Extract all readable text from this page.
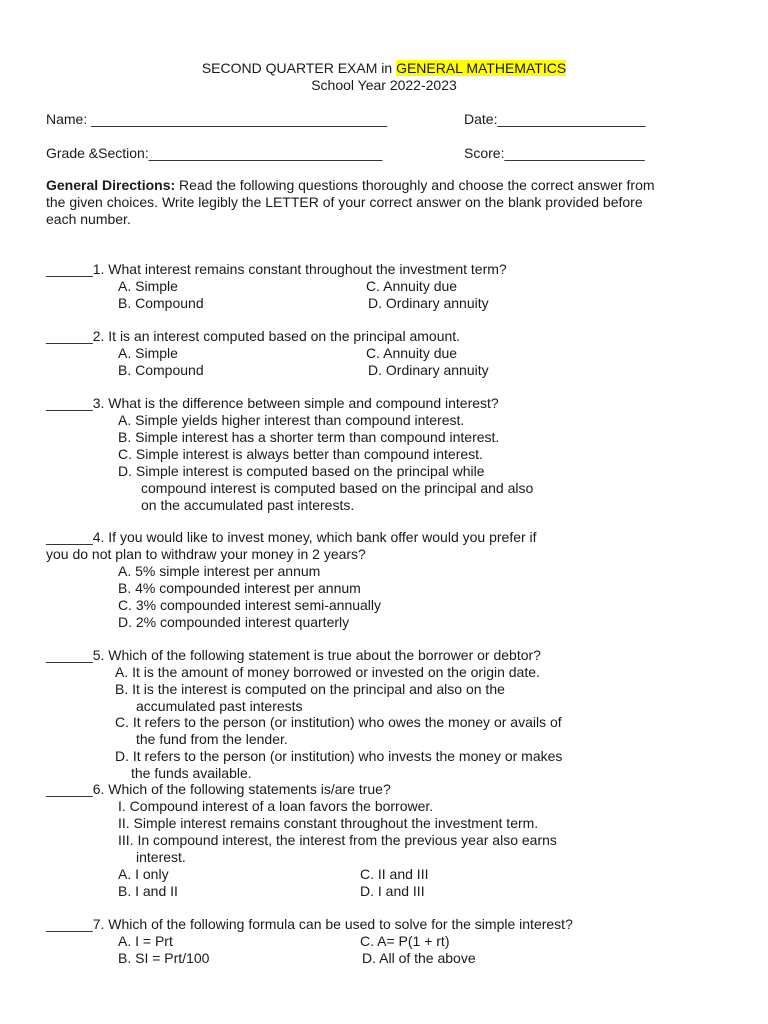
SECOND QUARTER EXAM in GENERAL MATHEMATICS
School Year 2022-2023
Name: ______________________________________	Date:___________________
Grade &Section:______________________________	Score:__________________
General Directions: Read the following questions thoroughly and choose the correct answer from
the given choices. Write legibly the LETTER of your correct answer on the blank provided before
each number.
______1. What interest remains constant throughout the investment term?
A. Simple	C. Annuity due
B. Compound	D. Ordinary annuity
______2. It is an interest computed based on the principal amount.
A. Simple	C. Annuity due
B. Compound	D. Ordinary annuity
______3. What is the difference between simple and compound interest?
A. Simple yields higher interest than compound interest.
B. Simple interest has a shorter term than compound interest.
C. Simple interest is always better than compound interest.
D. Simple interest is computed based on the principal while
compound interest is computed based on the principal and also
on the accumulated past interests.
______4. If you would like to invest money, which bank offer would you prefer if
you do not plan to withdraw your money in 2 years?
A. 5% simple interest per annum
B. 4% compounded interest per annum
C. 3% compounded interest semi-annually
D. 2% compounded interest quarterly
______5. Which of the following statement is true about the borrower or debtor?
A. It is the amount of money borrowed or invested on the origin date.
B. It is the interest is computed on the principal and also on the
accumulated past interests
C. It refers to the person (or institution) who owes the money or avails of
the fund from the lender.
D. It refers to the person (or institution) who invests the money or makes
the funds available.
______6. Which of the following statements is/are true?
I. Compound interest of a loan favors the borrower.
II. Simple interest remains constant throughout the investment term.
III. In compound interest, the interest from the previous year also earns
interest.
A. I only	C. II and III
B. I and II	D. I and III
______7. Which of the following formula can be used to solve for the simple interest?
A. I = Prt	C. A= P(1 + rt)
B. SI = Prt/100	D. All of the above
